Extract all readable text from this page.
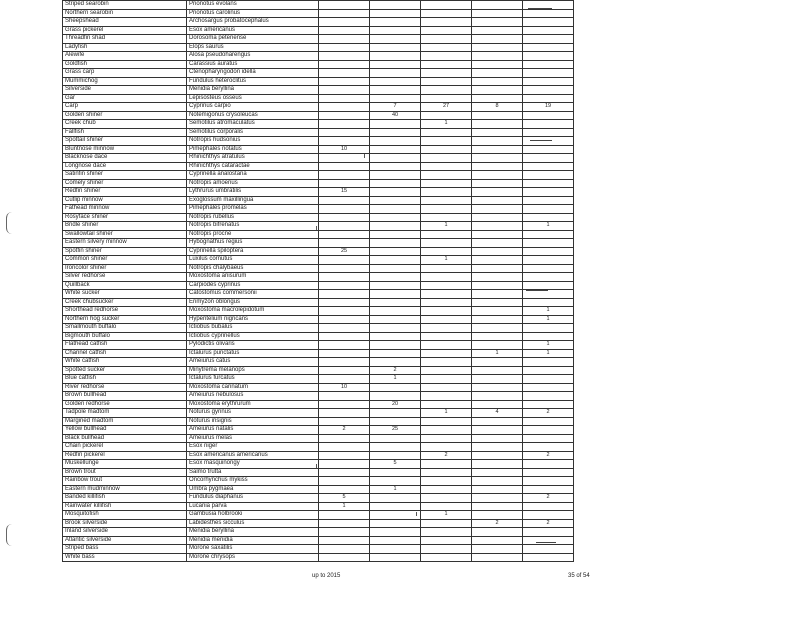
Striped searobin	Prionotus evolans					
Northern searobin	Prionotus carolinus					
Sheepshead	Archosargus probatocephalus					
Grass pickerel	Esox americanus					
Threadfin shad	Dorosoma petenense					
Ladyfish	Elops saurus					
Alewife	Alosa pseudoharengus					
Goldfish	Carassius auratus					
Grass carp	Ctenopharyngodon idella					
Mummichog	Fundulus heteroclitus					
Silverside	Menidia beryllina					
Gar	Lepisosteus osseus					
Carp	Cyprinus carpio		7	27	8	19
Golden shiner	Notemigonus crysoleucas		40			
Creek chub	Semotilus atromaculatus			1		
Fallfish	Semotilus corporalis					
Spottail shiner	Notropis hudsonius					
Bluntnose minnow	Pimephales notatus	10				
Blacknose dace	Rhinichthys atratulus					
Longnose dace	Rhinichthys cataractae					
Satinfin shiner	Cyprinella analostana					
Comely shiner	Notropis amoenus					
Redfin shiner	Lythrurus umbratilis	15				
Cutlip minnow	Exoglossum maxillingua					
Fathead minnow	Pimephales promelas					
Rosyface shiner	Notropis rubellus					
Bridle shiner	Notropis bifrenatus			1		1
Swallowtail shiner	Notropis procne					
Eastern silvery minnow	Hybognathus regius					
Spotfin shiner	Cyprinella spiloptera	25				
Common shiner	Luxilus cornutus			1		
Ironcolor shiner	Notropis chalybaeus					
Silver redhorse	Moxostoma anisurum					
Quillback	Carpiodes cyprinus					
White sucker	Catostomus commersonii					
Creek chubsucker	Erimyzon oblongus					
Shorthead redhorse	Moxostoma macrolepidotum					1
Northern hog sucker	Hypentelium nigricans					1
Smallmouth buffalo	Ictiobus bubalus					
Bigmouth buffalo	Ictiobus cyprinellus					
Flathead catfish	Pylodictis olivaris					1
Channel catfish	Ictalurus punctatus				1	1
White catfish	Ameiurus catus					
Spotted sucker	Minytrema melanops		2			
Blue catfish	Ictalurus furcatus		1			
River redhorse	Moxostoma carinatum	10				
Brown bullhead	Ameiurus nebulosus					
Golden redhorse	Moxostoma erythrurum		20			
Tadpole madtom	Noturus gyrinus			1	4	2
Margined madtom	Noturus insignis					
Yellow bullhead	Ameiurus natalis	2	25			
Black bullhead	Ameiurus melas					
Chain pickerel	Esox niger					
Redfin pickerel	Esox americanus americanus			2		2
Muskellunge	Esox masquinongy		5			
Brown trout	Salmo trutta					
Rainbow trout	Oncorhynchus mykiss					
Eastern mudminnow	Umbra pygmaea		1			
Banded killifish	Fundulus diaphanus	5				2
Rainwater killifish	Lucania parva	1				
Mosquitofish	Gambusia holbrooki			1		
Brook silverside	Labidesthes sicculus				2	2
Inland silverside	Menidia beryllina					
Atlantic silverside	Menidia menidia					
Striped bass	Morone saxatilis					
White bass	Morone chrysops					
up to 2015	35 of 54
